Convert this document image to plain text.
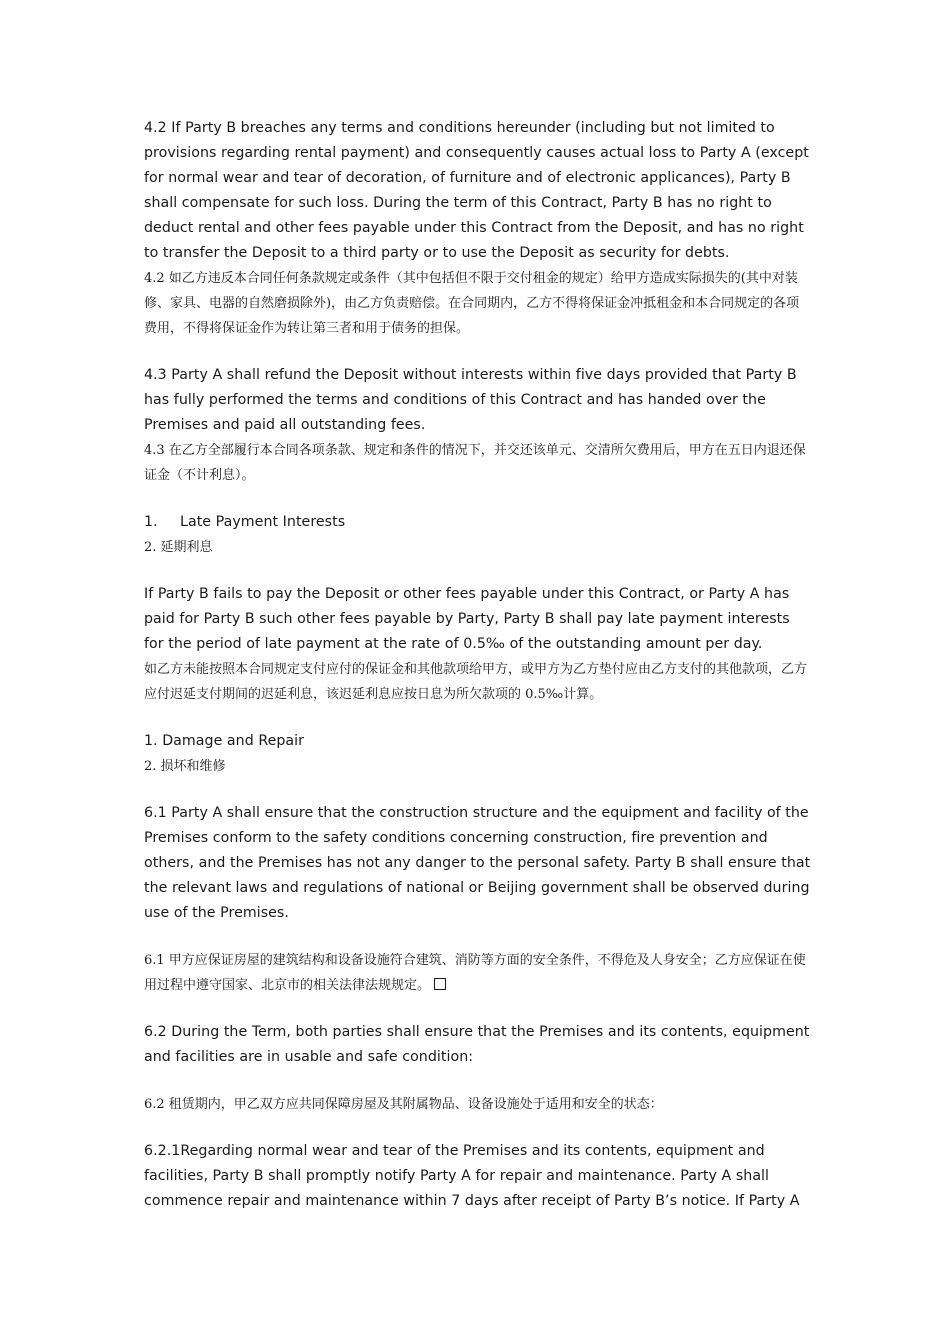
4.2 If Party B breaches any terms and conditions hereunder (including but not limited to provisions regarding rental payment) and consequently causes actual loss to Party A (except for normal wear and tear of decoration, of furniture and of electronic applicances), Party B shall compensate for such loss. During the term of this Contract, Party B has no right to deduct rental and other fees payable under this Contract from the Deposit, and has no right to transfer the Deposit to a third party or to use the Deposit as security for debts.

4.2 如乙方违反本合同任何条款规定或条件（其中包括但不限于交付租金的规定）给甲方造成实际损失的(其中对装修、家具、电器的自然磨损除外)，由乙方负责赔偿。在合同期内，乙方不得将保证金冲抵租金和本合同规定的各项费用，不得将保证金作为转让第三者和用于债务的担保。

4.3 Party A shall refund the Deposit without interests within five days provided that Party B has fully performed the terms and conditions of this Contract and has handed over the Premises and paid all outstanding fees.

4.3 在乙方全部履行本合同各项条款、规定和条件的情况下，并交还该单元、交清所欠费用后，甲方在五日内退还保证金（不计利息）。

1. Late Payment Interests

2. 延期利息

If Party B fails to pay the Deposit or other fees payable under this Contract, or Party A has paid for Party B such other fees payable by Party, Party B shall pay late payment interests for the period of late payment at the rate of 0.5‰ of the outstanding amount per day.

如乙方未能按照本合同规定支付应付的保证金和其他款项给甲方，或甲方为乙方垫付应由乙方支付的其他款项，乙方应付迟延支付期间的迟延利息，该迟延利息应按日息为所欠款项的 0.5‰计算。

1. Damage and Repair

2. 损坏和维修

6.1 Party A shall ensure that the construction structure and the equipment and facility of the Premises conform to the safety conditions concerning construction, fire prevention and others, and the Premises has not any danger to the personal safety. Party B shall ensure that the relevant laws and regulations of national or Beijing government shall be observed during use of the Premises.

6.1 甲方应保证房屋的建筑结构和设备设施符合建筑、消防等方面的安全条件，不得危及人身安全；乙方应保证在使用过程中遵守国家、北京市的相关法律法规规定。

6.2 During the Term, both parties shall ensure that the Premises and its contents, equipment and facilities are in usable and safe condition:

6.2 租赁期内，甲乙双方应共同保障房屋及其附属物品、设备设施处于适用和安全的状态：

6.2.1Regarding normal wear and tear of the Premises and its contents, equipment and facilities, Party B shall promptly notify Party A for repair and maintenance. Party A shall commence repair and maintenance within 7 days after receipt of Party B’s notice. If Party A
